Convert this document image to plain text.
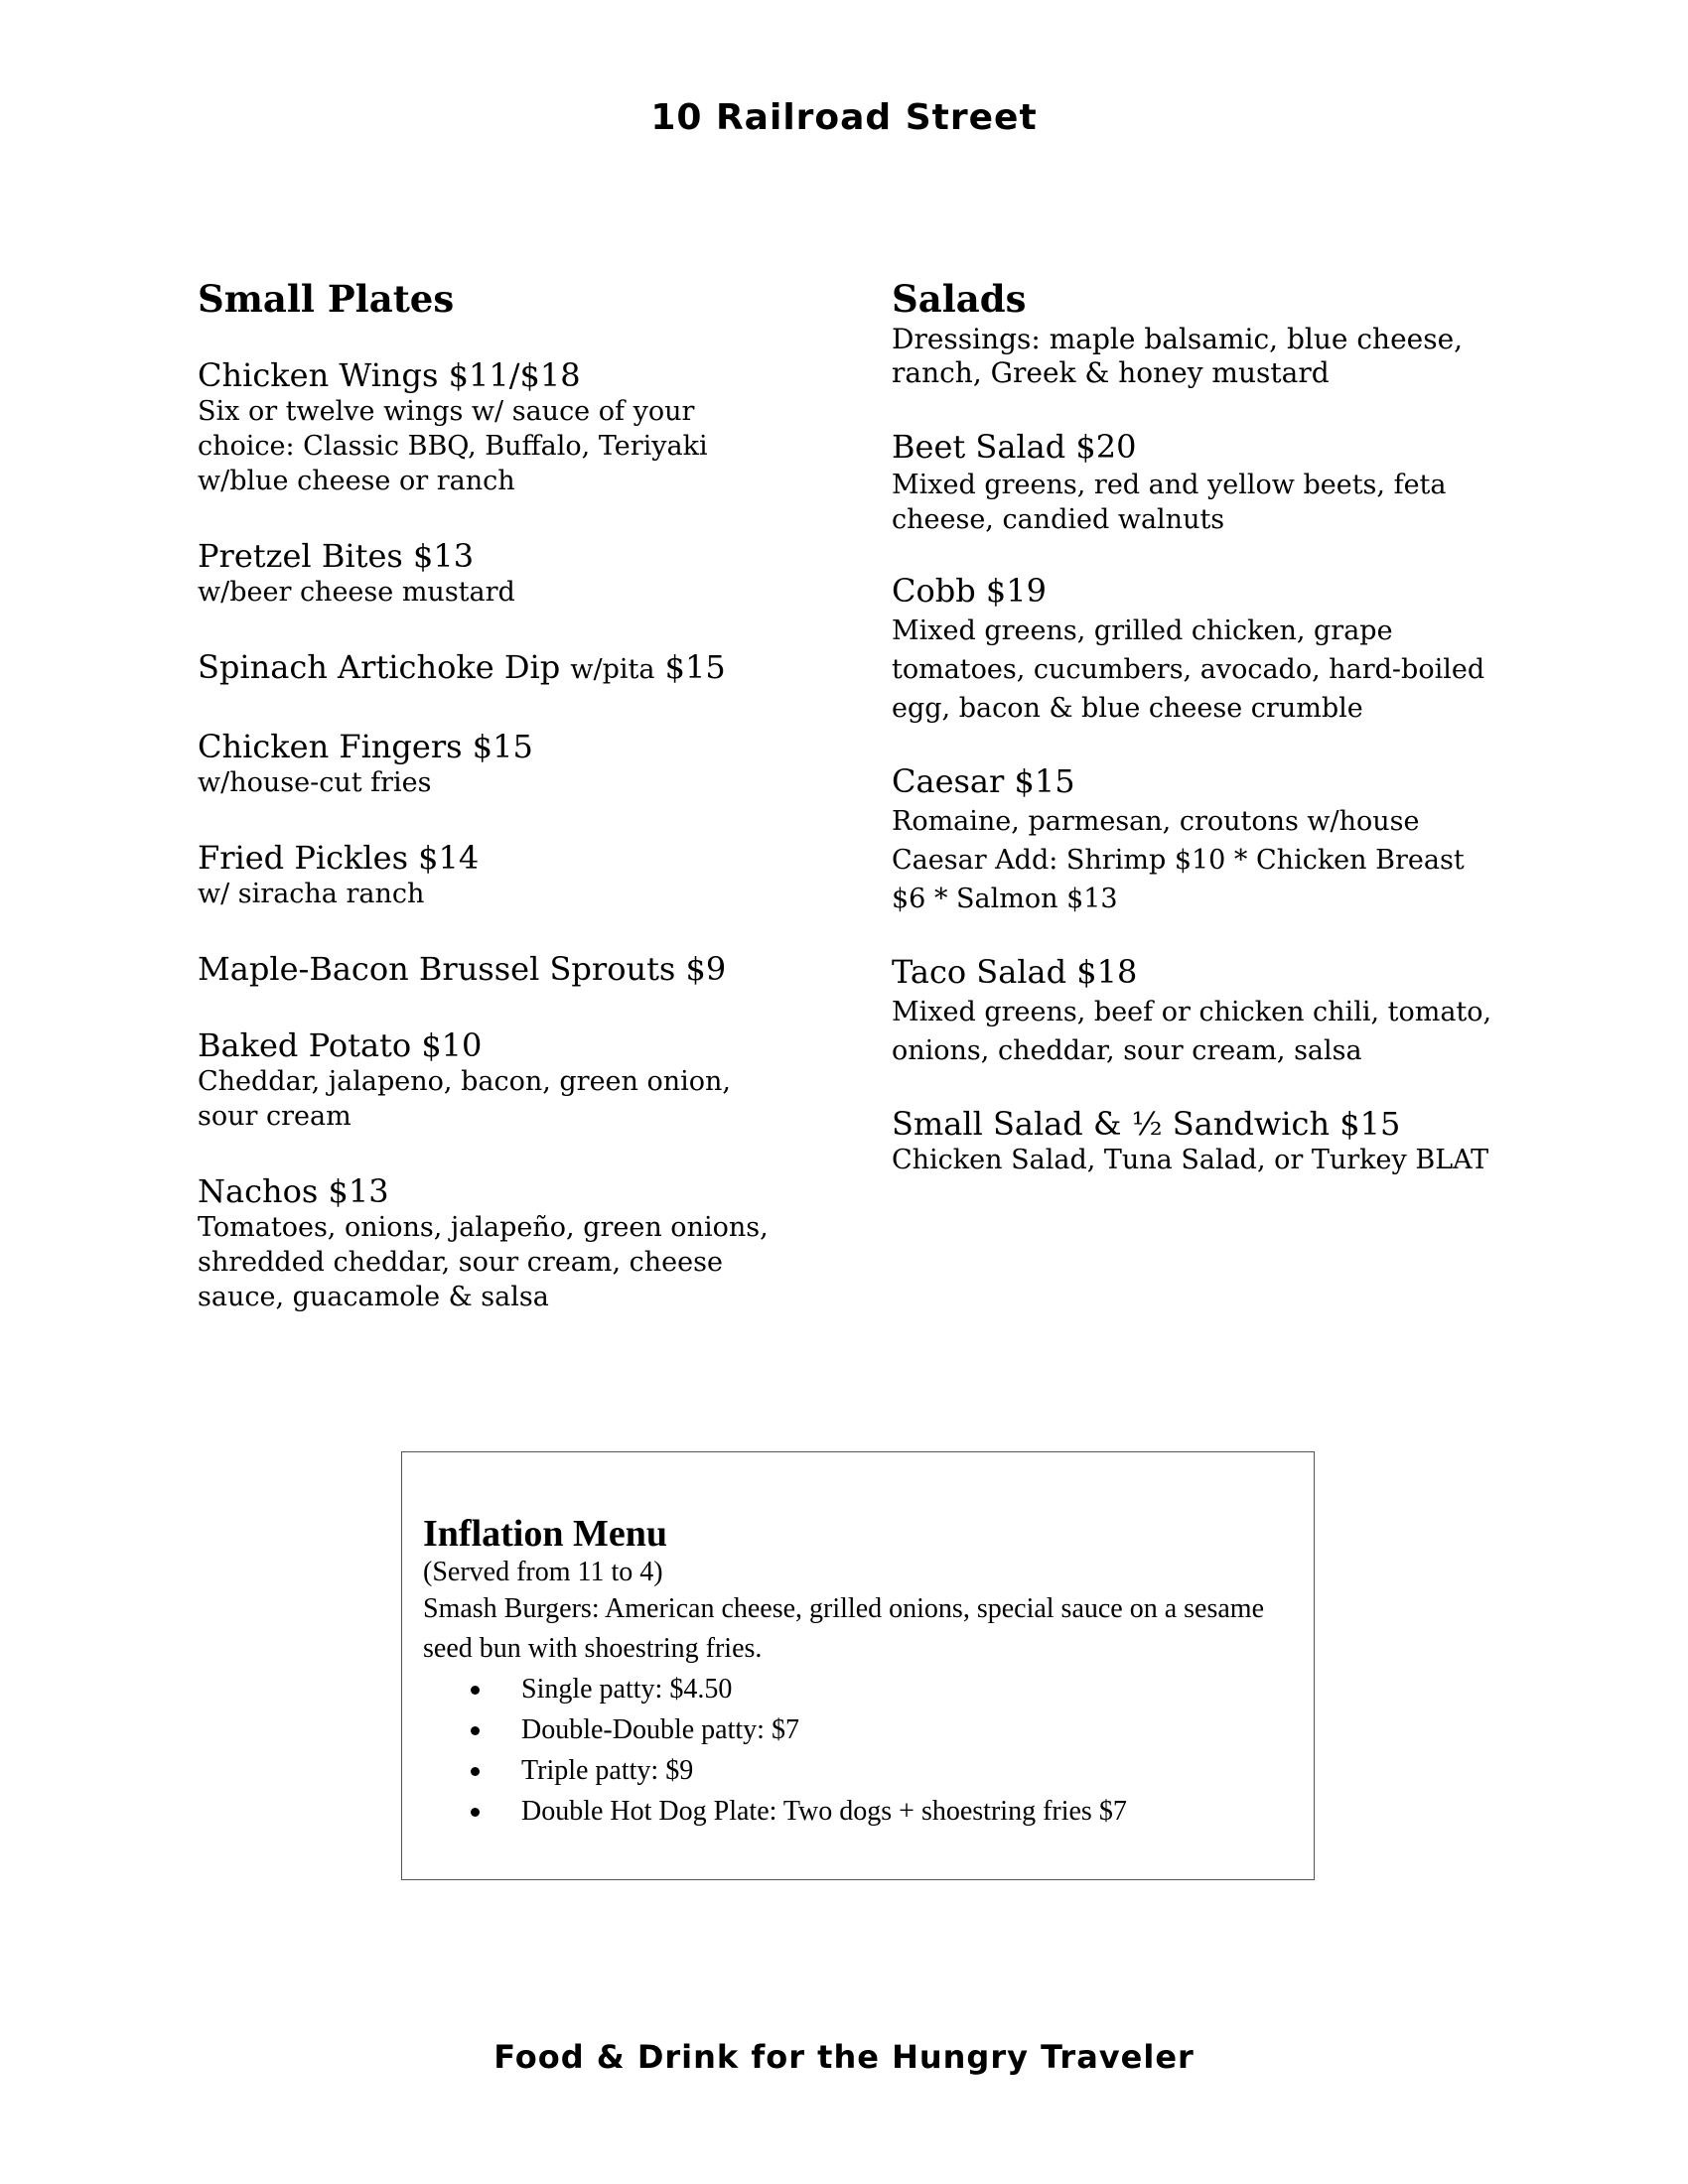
10 Railroad Street
Small Plates
Chicken Wings $11/$18
Six or twelve wings w/ sauce of your choice: Classic BBQ, Buffalo, Teriyaki w/blue cheese or ranch
Pretzel Bites $13
w/beer cheese mustard
Spinach Artichoke Dip w/pita $15
Chicken Fingers $15
w/house-cut fries
Fried Pickles $14
w/ siracha ranch
Maple-Bacon Brussel Sprouts $9
Baked Potato $10
Cheddar, jalapeno, bacon, green onion, sour cream
Nachos $13
Tomatoes, onions, jalapeño, green onions, shredded cheddar, sour cream, cheese sauce, guacamole & salsa
Salads
Dressings: maple balsamic, blue cheese, ranch, Greek & honey mustard
Beet Salad $20
Mixed greens, red and yellow beets, feta cheese, candied walnuts
Cobb $19
Mixed greens, grilled chicken, grape tomatoes, cucumbers, avocado, hard-boiled egg, bacon & blue cheese crumble
Caesar $15
Romaine, parmesan, croutons w/house Caesar Add: Shrimp $10 * Chicken Breast $6 * Salmon $13
Taco Salad $18
Mixed greens, beef or chicken chili, tomato, onions, cheddar, sour cream, salsa
Small Salad & ½ Sandwich $15
Chicken Salad, Tuna Salad, or Turkey BLAT
Inflation Menu
(Served from 11 to 4)
Smash Burgers: American cheese, grilled onions, special sauce on a sesame seed bun with shoestring fries.
Single patty: $4.50
Double-Double patty: $7
Triple patty: $9
Double Hot Dog Plate: Two dogs + shoestring fries $7
Food & Drink for the Hungry Traveler
